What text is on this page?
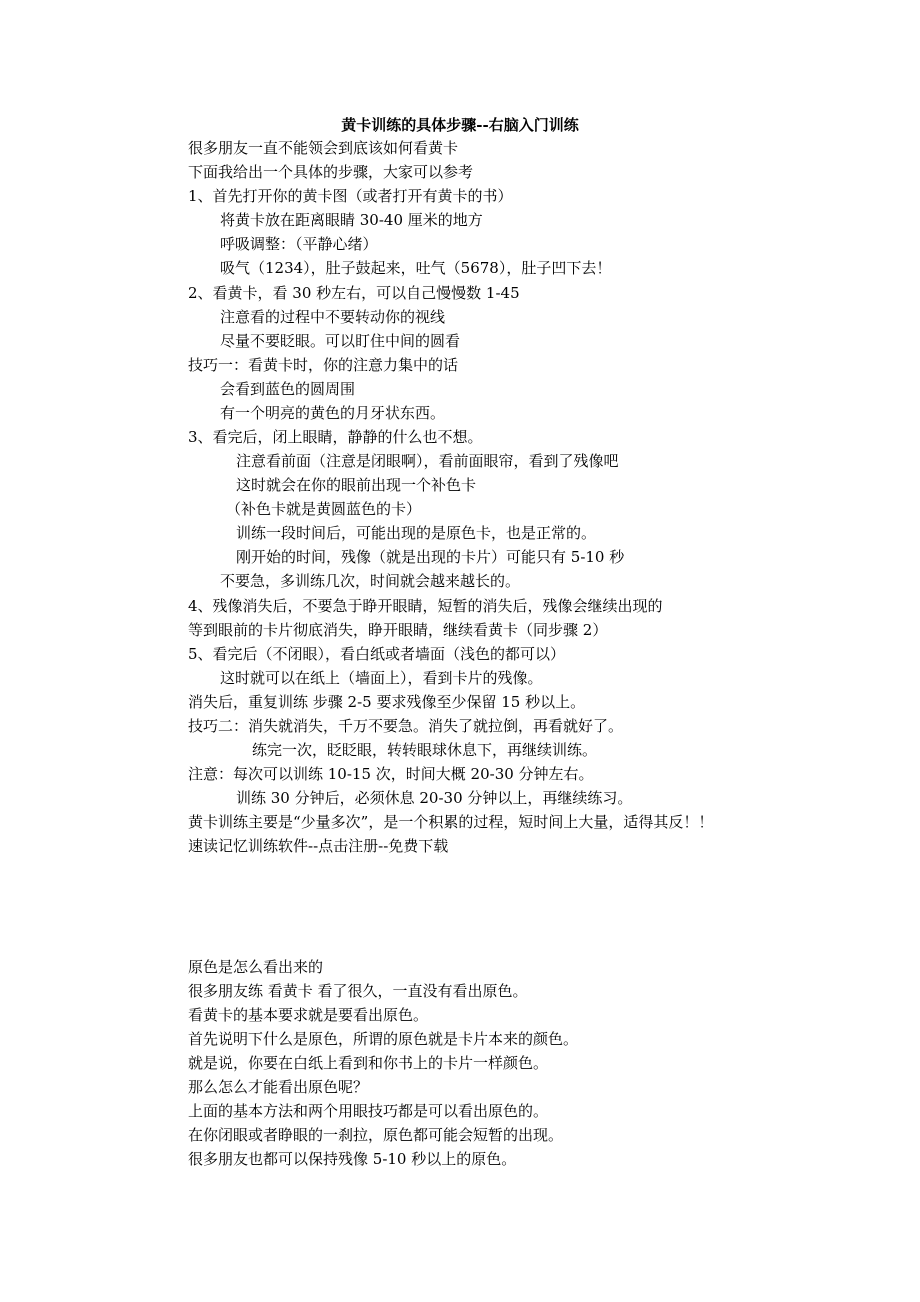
黄卡训练的具体步骤--右脑入门训练
很多朋友一直不能领会到底该如何看黄卡
下面我给出一个具体的步骤，大家可以参考
1、首先打开你的黄卡图（或者打开有黄卡的书）
将黄卡放在距离眼睛 30-40 厘米的地方
呼吸调整：（平静心绪）
吸气（1234），肚子鼓起来，吐气（5678），肚子凹下去！
2、看黄卡，看 30 秒左右，可以自己慢慢数 1-45
注意看的过程中不要转动你的视线
尽量不要眨眼。可以盯住中间的圆看
技巧一：看黄卡时，你的注意力集中的话
会看到蓝色的圆周围
有一个明亮的黄色的月牙状东西。
3、看完后，闭上眼睛，静静的什么也不想。
注意看前面（注意是闭眼啊），看前面眼帘，看到了残像吧
这时就会在你的眼前出现一个补色卡
（补色卡就是黄圆蓝色的卡）
训练一段时间后，可能出现的是原色卡，也是正常的。
刚开始的时间，残像（就是出现的卡片）可能只有 5-10 秒
不要急，多训练几次，时间就会越来越长的。
4、残像消失后，不要急于睁开眼睛，短暂的消失后，残像会继续出现的
等到眼前的卡片彻底消失，睁开眼睛，继续看黄卡（同步骤 2）
5、看完后（不闭眼），看白纸或者墙面（浅色的都可以）
这时就可以在纸上（墙面上），看到卡片的残像。
消失后，重复训练 步骤 2-5 要求残像至少保留 15 秒以上。
技巧二：消失就消失，千万不要急。消失了就拉倒，再看就好了。
练完一次，眨眨眼，转转眼球休息下，再继续训练。
注意：每次可以训练 10-15 次，时间大概 20-30 分钟左右。
训练 30 分钟后，必须休息 20-30 分钟以上，再继续练习。
黄卡训练主要是“少量多次”，是一个积累的过程，短时间上大量，适得其反！！
速读记忆训练软件--点击注册--免费下载
原色是怎么看出来的
很多朋友练 看黄卡 看了很久，一直没有看出原色。
看黄卡的基本要求就是要看出原色。
首先说明下什么是原色，所谓的原色就是卡片本来的颜色。
就是说，你要在白纸上看到和你书上的卡片一样颜色。
那么怎么才能看出原色呢？
上面的基本方法和两个用眼技巧都是可以看出原色的。
在你闭眼或者睁眼的一刹拉，原色都可能会短暂的出现。
很多朋友也都可以保持残像 5-10 秒以上的原色。
